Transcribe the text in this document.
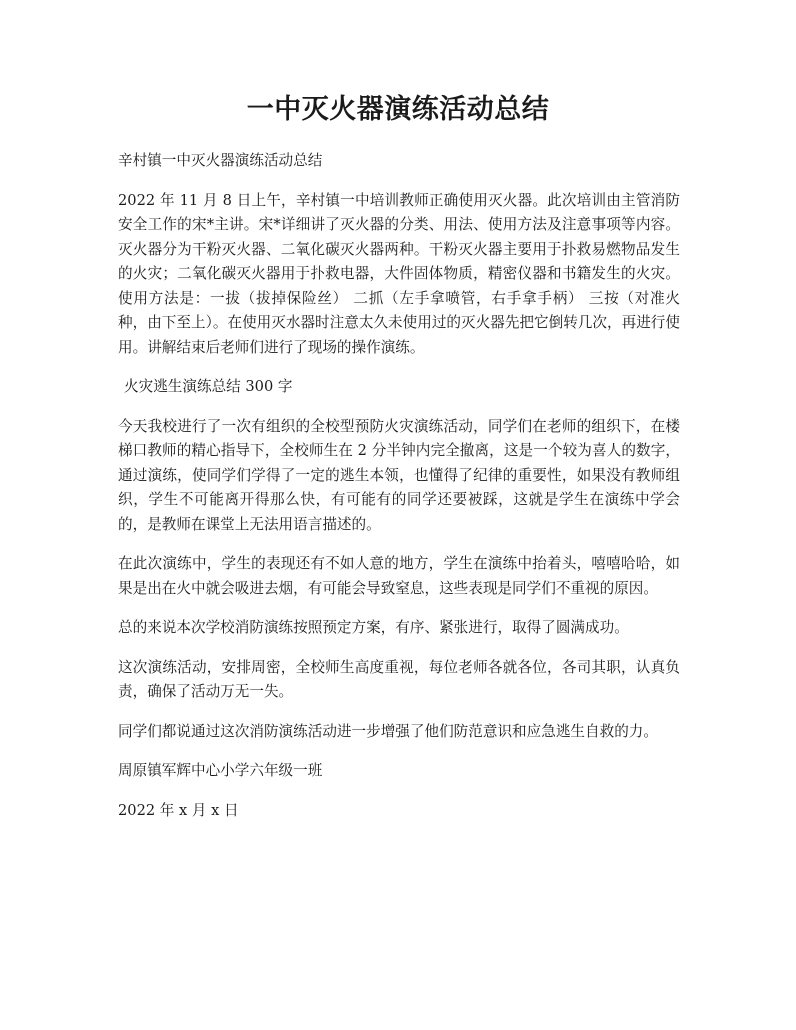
一中灭火器演练活动总结

辛村镇一中灭火器演练活动总结

2022 年 11 月 8 日上午，辛村镇一中培训教师正确使用灭火器。此次培训由主管消防安全工作的宋*主讲。宋*详细讲了灭火器的分类、用法、使用方法及注意事项等内容。灭火器分为干粉灭火器、二氧化碳灭火器两种。干粉灭火器主要用于扑救易燃物品发生的火灾；二氧化碳灭火器用于扑救电器，大件固体物质，精密仪器和书籍发生的火灾。使用方法是：一拔（拔掉保险丝） 二抓（左手拿喷管，右手拿手柄） 三按（对准火种，由下至上）。在使用灭水器时注意太久未使用过的灭火器先把它倒转几次，再进行使用。讲解结束后老师们进行了现场的操作演练。

火灾逃生演练总结 300 字

今天我校进行了一次有组织的全校型预防火灾演练活动，同学们在老师的组织下，在楼梯口教师的精心指导下，全校师生在 2 分半钟内完全撤离，这是一个较为喜人的数字，通过演练，使同学们学得了一定的逃生本领，也懂得了纪律的重要性，如果没有教师组织，学生不可能离开得那么快，有可能有的同学还要被踩，这就是学生在演练中学会的，是教师在课堂上无法用语言描述的。

在此次演练中，学生的表现还有不如人意的地方，学生在演练中抬着头，嘻嘻哈哈，如果是出在火中就会吸进去烟，有可能会导致窒息，这些表现是同学们不重视的原因。

总的来说本次学校消防演练按照预定方案，有序、紧张进行，取得了圆满成功。

这次演练活动，安排周密，全校师生高度重视，每位老师各就各位，各司其职，认真负责，确保了活动万无一失。

同学们都说通过这次消防演练活动进一步增强了他们防范意识和应急逃生自救的力。

周原镇军辉中心小学六年级一班

2022 年 x 月 x 日
